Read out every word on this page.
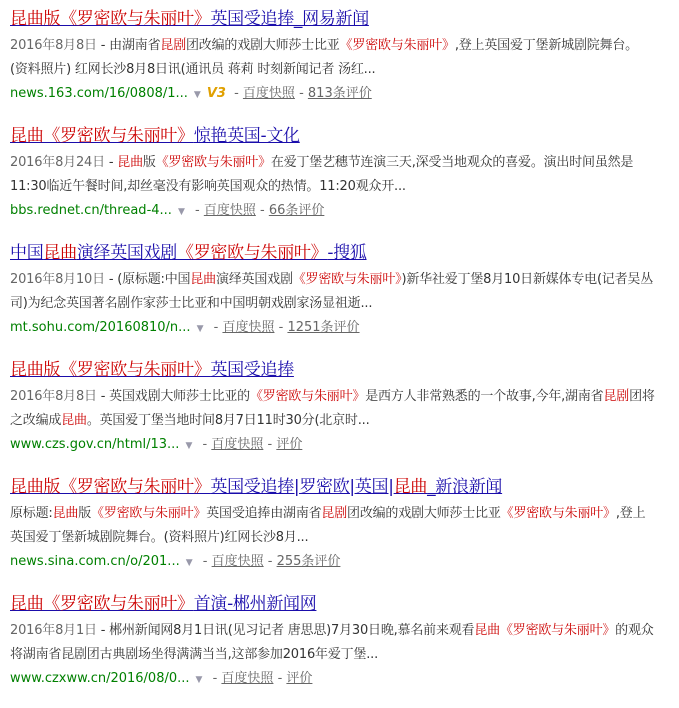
昆曲版《罗密欧与朱丽叶》英国受追捧_网易新闻
2016年8月8日 - 由湖南省昆剧团改编的戏剧大师莎士比亚《罗密欧与朱丽叶》,登上英国爱丁堡新城剧院舞台。(资料照片) 红网长沙8月8日讯(通讯员 蒋莉 时刻新闻记者 汤红...
news.163.com/16/0808/1... ▼ V3 - 百度快照 - 813条评价
昆曲《罗密欧与朱丽叶》惊艳英国-文化
2016年8月24日 - 昆曲版《罗密欧与朱丽叶》在爱丁堡艺穗节连演三天,深受当地观众的喜爱。演出时间虽然是11:30临近午餐时间,却丝毫没有影响英国观众的热情。11:20观众开...
bbs.rednet.cn/thread-4... ▼ - 百度快照 - 66条评价
中国昆曲演绎英国戏剧《罗密欧与朱丽叶》-搜狐
2016年8月10日 - (原标题:中国昆曲演绎英国戏剧《罗密欧与朱丽叶》)新华社爱丁堡8月10日新媒体专电(记者吴丛司)为纪念英国著名剧作家莎士比亚和中国明朝戏剧家汤显祖逝...
mt.sohu.com/20160810/n... ▼ - 百度快照 - 1251条评价
昆曲版《罗密欧与朱丽叶》英国受追捧
2016年8月8日 - 英国戏剧大师莎士比亚的《罗密欧与朱丽叶》是西方人非常熟悉的一个故事,今年,湖南省昆剧团将之改编成昆曲。英国爱丁堡当地时间8月7日11时30分(北京时...
www.czs.gov.cn/html/13... ▼ - 百度快照 - 评价
昆曲版《罗密欧与朱丽叶》英国受追捧|罗密欧|英国|昆曲_新浪新闻
原标题:昆曲版《罗密欧与朱丽叶》英国受追捧由湖南省昆剧团改编的戏剧大师莎士比亚《罗密欧与朱丽叶》,登上英国爱丁堡新城剧院舞台。(资料照片)红网长沙8月...
news.sina.com.cn/o/201... ▼ - 百度快照 - 255条评价
昆曲《罗密欧与朱丽叶》首演-郴州新闻网
2016年8月1日 - 郴州新闻网8月1日讯(见习记者 唐思思)7月30日晚,慕名前来观看昆曲《罗密欧与朱丽叶》的观众将湖南省昆剧团古典剧场坐得满满当当,这部参加2016年爱丁堡...
www.czxww.cn/2016/08/0... ▼ - 百度快照 - 评价
